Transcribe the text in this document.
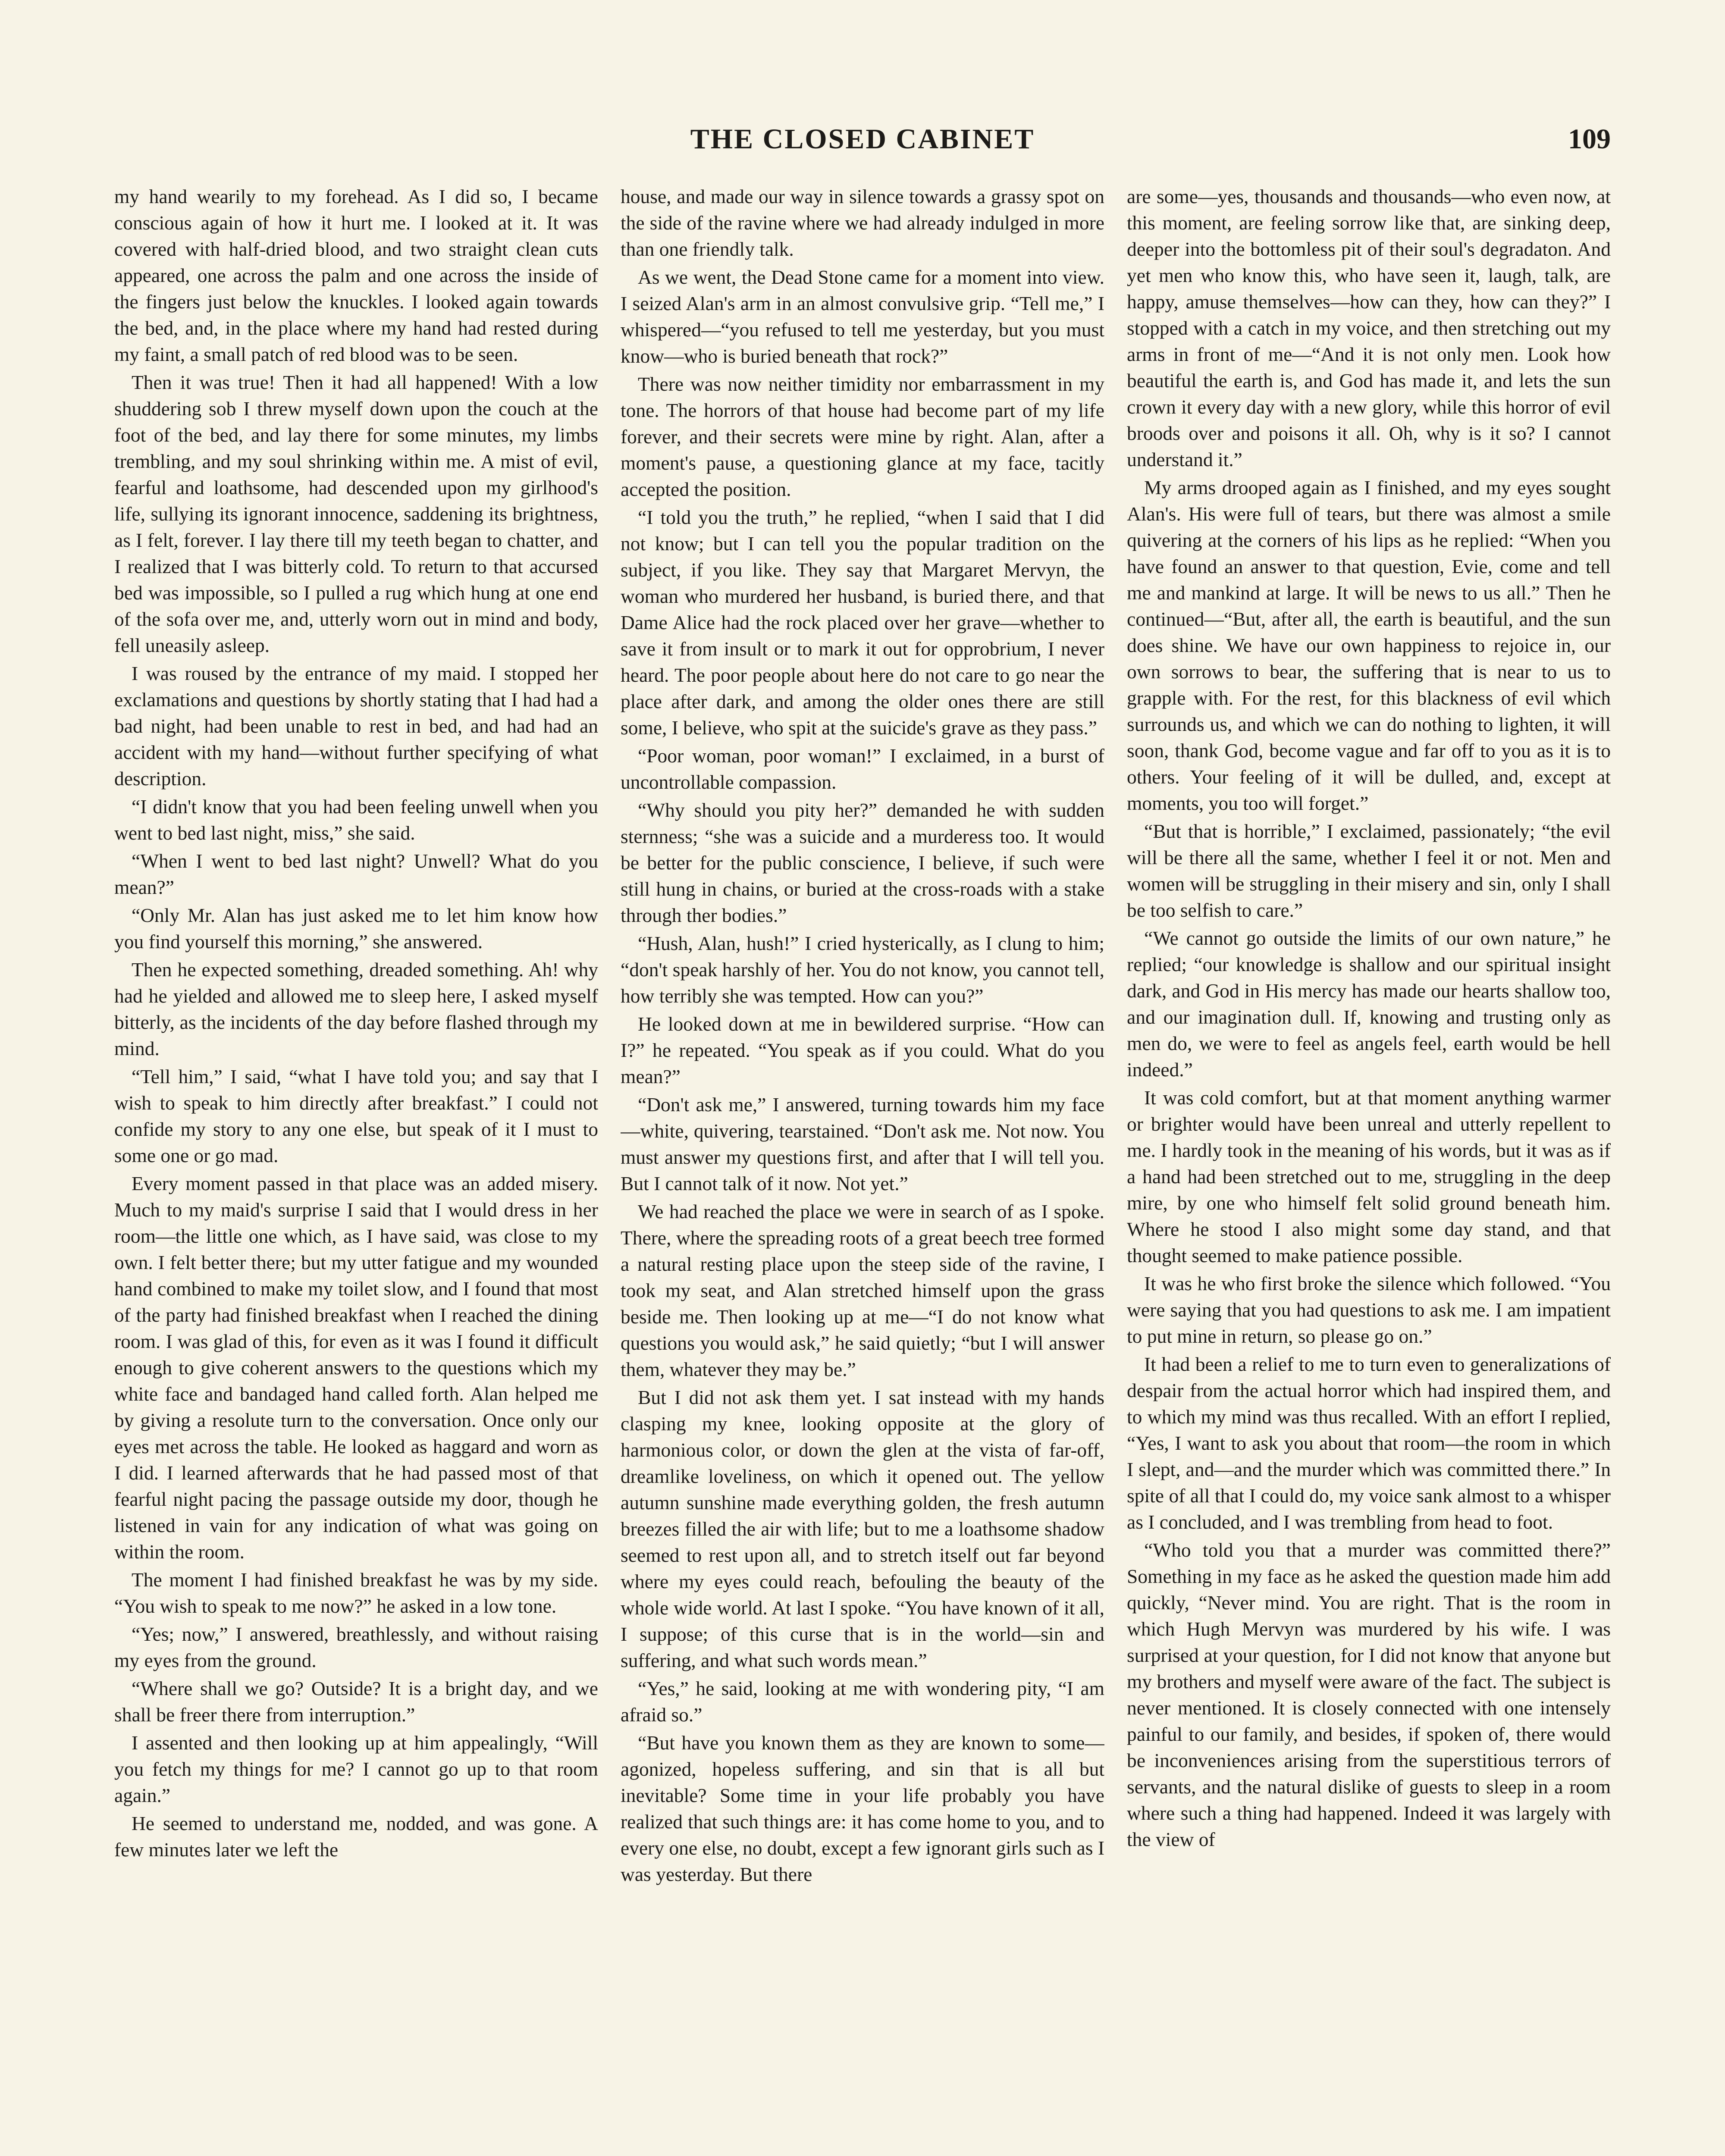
THE CLOSED CABINET	109

my hand wearily to my forehead. As I did so, I became conscious again of how it hurt me. I looked at it. It was covered with half-dried blood, and two straight clean cuts appeared, one across the palm and one across the inside of the fingers just below the knuckles. I looked again towards the bed, and, in the place where my hand had rested during my faint, a small patch of red blood was to be seen.

Then it was true! Then it had all happened! With a low shuddering sob I threw myself down upon the couch at the foot of the bed, and lay there for some minutes, my limbs trembling, and my soul shrinking within me. A mist of evil, fearful and loathsome, had descended upon my girlhood's life, sullying its ignorant innocence, saddening its brightness, as I felt, forever. I lay there till my teeth began to chatter, and I realized that I was bitterly cold. To return to that accursed bed was impossible, so I pulled a rug which hung at one end of the sofa over me, and, utterly worn out in mind and body, fell uneasily asleep.

I was roused by the entrance of my maid. I stopped her exclamations and questions by shortly stating that I had had a bad night, had been unable to rest in bed, and had had an accident with my hand—without further specifying of what description.

“I didn't know that you had been feeling unwell when you went to bed last night, miss,” she said.

“When I went to bed last night? Unwell? What do you mean?”

“Only Mr. Alan has just asked me to let him know how you find yourself this morning,” she answered.

Then he expected something, dreaded something. Ah! why had he yielded and allowed me to sleep here, I asked myself bitterly, as the incidents of the day before flashed through my mind.

“Tell him,” I said, “what I have told you; and say that I wish to speak to him directly after breakfast.” I could not confide my story to any one else, but speak of it I must to some one or go mad.

Every moment passed in that place was an added misery. Much to my maid's surprise I said that I would dress in her room—the little one which, as I have said, was close to my own. I felt better there; but my utter fatigue and my wounded hand combined to make my toilet slow, and I found that most of the party had finished breakfast when I reached the dining room. I was glad of this, for even as it was I found it difficult enough to give coherent answers to the questions which my white face and bandaged hand called forth. Alan helped me by giving a resolute turn to the conversation. Once only our eyes met across the table. He looked as haggard and worn as I did. I learned afterwards that he had passed most of that fearful night pacing the passage outside my door, though he listened in vain for any indication of what was going on within the room.

The moment I had finished breakfast he was by my side. “You wish to speak to me now?” he asked in a low tone.

“Yes; now,” I answered, breathlessly, and without raising my eyes from the ground.

“Where shall we go? Outside? It is a bright day, and we shall be freer there from interruption.”

I assented and then looking up at him appealingly, “Will you fetch my things for me? I cannot go up to that room again.”

He seemed to understand me, nodded, and was gone. A few minutes later we left the

house, and made our way in silence towards a grassy spot on the side of the ravine where we had already indulged in more than one friendly talk.

As we went, the Dead Stone came for a moment into view. I seized Alan's arm in an almost convulsive grip. “Tell me,” I whispered—“you refused to tell me yesterday, but you must know—who is buried beneath that rock?”

There was now neither timidity nor embarrassment in my tone. The horrors of that house had become part of my life forever, and their secrets were mine by right. Alan, after a moment's pause, a questioning glance at my face, tacitly accepted the position.

“I told you the truth,” he replied, “when I said that I did not know; but I can tell you the popular tradition on the subject, if you like. They say that Margaret Mervyn, the woman who murdered her husband, is buried there, and that Dame Alice had the rock placed over her grave—whether to save it from insult or to mark it out for opprobrium, I never heard. The poor people about here do not care to go near the place after dark, and among the older ones there are still some, I believe, who spit at the suicide's grave as they pass.”

“Poor woman, poor woman!” I exclaimed, in a burst of uncontrollable compassion.

“Why should you pity her?” demanded he with sudden sternness; “she was a suicide and a murderess too. It would be better for the public conscience, I believe, if such were still hung in chains, or buried at the cross-roads with a stake through ther bodies.”

“Hush, Alan, hush!” I cried hysterically, as I clung to him; “don't speak harshly of her. You do not know, you cannot tell, how terribly she was tempted. How can you?”

He looked down at me in bewildered surprise. “How can I?” he repeated. “You speak as if you could. What do you mean?”

“Don't ask me,” I answered, turning towards him my face—white, quivering, tearstained. “Don't ask me. Not now. You must answer my questions first, and after that I will tell you. But I cannot talk of it now. Not yet.”

We had reached the place we were in search of as I spoke. There, where the spreading roots of a great beech tree formed a natural resting place upon the steep side of the ravine, I took my seat, and Alan stretched himself upon the grass beside me. Then looking up at me—“I do not know what questions you would ask,” he said quietly; “but I will answer them, whatever they may be.”

But I did not ask them yet. I sat instead with my hands clasping my knee, looking opposite at the glory of harmonious color, or down the glen at the vista of far-off, dreamlike loveliness, on which it opened out. The yellow autumn sunshine made everything golden, the fresh autumn breezes filled the air with life; but to me a loathsome shadow seemed to rest upon all, and to stretch itself out far beyond where my eyes could reach, befouling the beauty of the whole wide world. At last I spoke. “You have known of it all, I suppose; of this curse that is in the world—sin and suffering, and what such words mean.”

“Yes,” he said, looking at me with wondering pity, “I am afraid so.”

“But have you known them as they are known to some—agonized, hopeless suffering, and sin that is all but inevitable? Some time in your life probably you have realized that such things are: it has come home to you, and to every one else, no doubt, except a few ignorant girls such as I was yesterday. But there

are some—yes, thousands and thousands—who even now, at this moment, are feeling sorrow like that, are sinking deep, deeper into the bottomless pit of their soul's degradaton. And yet men who know this, who have seen it, laugh, talk, are happy, amuse themselves—how can they, how can they?” I stopped with a catch in my voice, and then stretching out my arms in front of me—“And it is not only men. Look how beautiful the earth is, and God has made it, and lets the sun crown it every day with a new glory, while this horror of evil broods over and poisons it all. Oh, why is it so? I cannot understand it.”

My arms drooped again as I finished, and my eyes sought Alan's. His were full of tears, but there was almost a smile quivering at the corners of his lips as he replied: “When you have found an answer to that question, Evie, come and tell me and mankind at large. It will be news to us all.” Then he continued—“But, after all, the earth is beautiful, and the sun does shine. We have our own happiness to rejoice in, our own sorrows to bear, the suffering that is near to us to grapple with. For the rest, for this blackness of evil which surrounds us, and which we can do nothing to lighten, it will soon, thank God, become vague and far off to you as it is to others. Your feeling of it will be dulled, and, except at moments, you too will forget.”

“But that is horrible,” I exclaimed, passionately; “the evil will be there all the same, whether I feel it or not. Men and women will be struggling in their misery and sin, only I shall be too selfish to care.”

“We cannot go outside the limits of our own nature,” he replied; “our knowledge is shallow and our spiritual insight dark, and God in His mercy has made our hearts shallow too, and our imagination dull. If, knowing and trusting only as men do, we were to feel as angels feel, earth would be hell indeed.”

It was cold comfort, but at that moment anything warmer or brighter would have been unreal and utterly repellent to me. I hardly took in the meaning of his words, but it was as if a hand had been stretched out to me, struggling in the deep mire, by one who himself felt solid ground beneath him. Where he stood I also might some day stand, and that thought seemed to make patience possible.

It was he who first broke the silence which followed. “You were saying that you had questions to ask me. I am impatient to put mine in return, so please go on.”

It had been a relief to me to turn even to generalizations of despair from the actual horror which had inspired them, and to which my mind was thus recalled. With an effort I replied, “Yes, I want to ask you about that room—the room in which I slept, and—and the murder which was committed there.” In spite of all that I could do, my voice sank almost to a whisper as I concluded, and I was trembling from head to foot.

“Who told you that a murder was committed there?” Something in my face as he asked the question made him add quickly, “Never mind. You are right. That is the room in which Hugh Mervyn was murdered by his wife. I was surprised at your question, for I did not know that anyone but my brothers and myself were aware of the fact. The subject is never mentioned. It is closely connected with one intensely painful to our family, and besides, if spoken of, there would be inconveniences arising from the superstitious terrors of servants, and the natural dislike of guests to sleep in a room where such a thing had happened. Indeed it was largely with the view of
